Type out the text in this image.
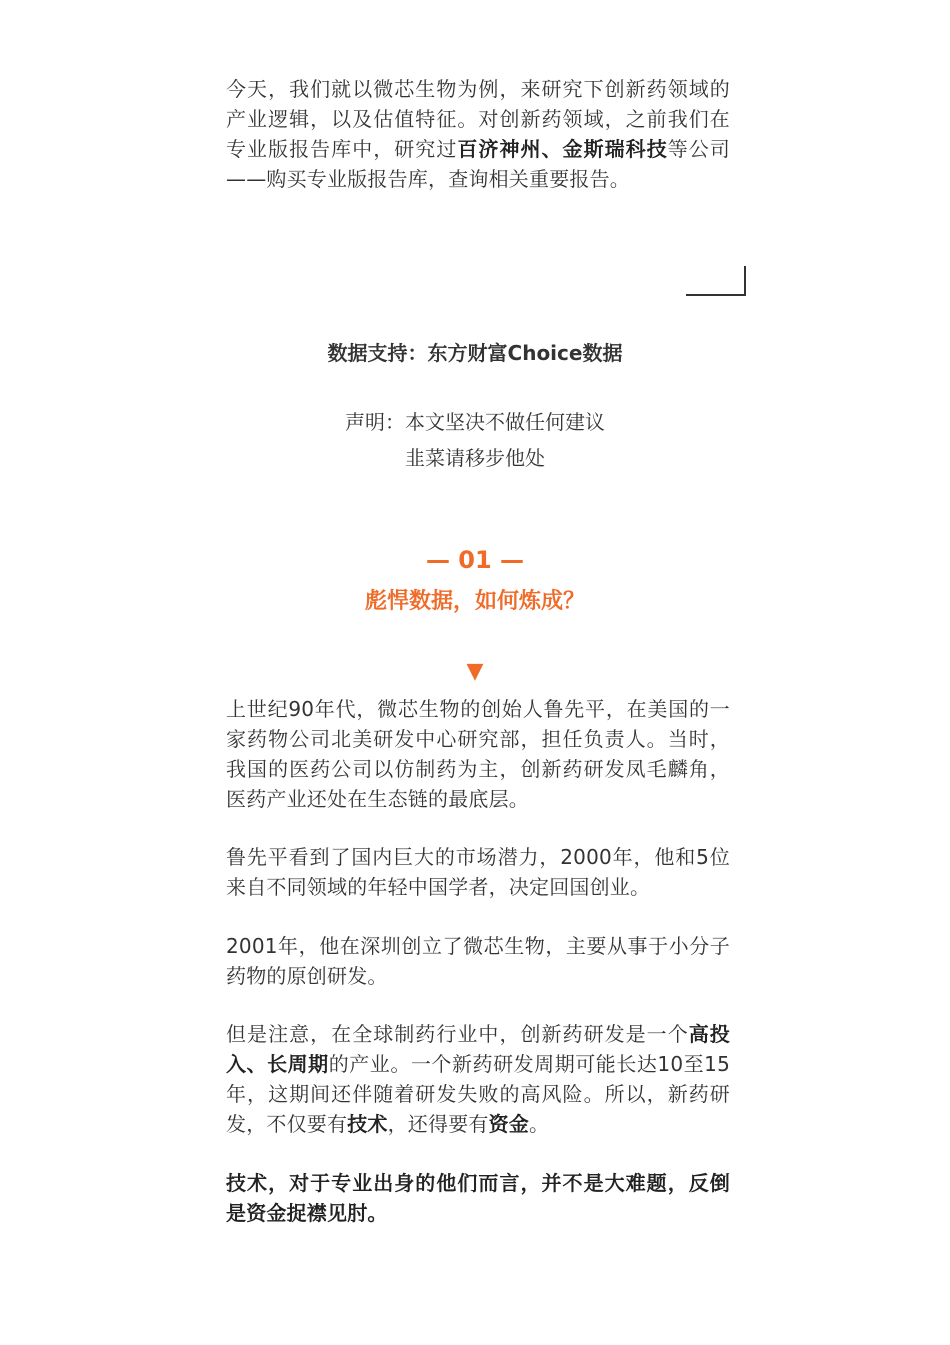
今天，我们就以微芯生物为例，来研究下创新药领域的产业逻辑，以及估值特征。对创新药领域，之前我们在专业版报告库中，研究过百济神州、金斯瑞科技等公司——购买专业版报告库，查询相关重要报告。

数据支持：东方财富Choice数据
声明：本文坚决不做任何建议
韭菜请移步他处
— 01 —
彪悍数据，如何炼成？
▼

上世纪90年代，微芯生物的创始人鲁先平，在美国的一家药物公司北美研发中心研究部，担任负责人。当时，我国的医药公司以仿制药为主，创新药研发凤毛麟角，医药产业还处在生态链的最底层。

鲁先平看到了国内巨大的市场潜力，2000年，他和5位来自不同领域的年轻中国学者，决定回国创业。

2001年，他在深圳创立了微芯生物，主要从事于小分子药物的原创研发。

但是注意，在全球制药行业中，创新药研发是一个高投入、长周期的产业。一个新药研发周期可能长达10至15年，这期间还伴随着研发失败的高风险。所以，新药研发，不仅要有技术，还得要有资金。

技术，对于专业出身的他们而言，并不是大难题，反倒是资金捉襟见肘。
